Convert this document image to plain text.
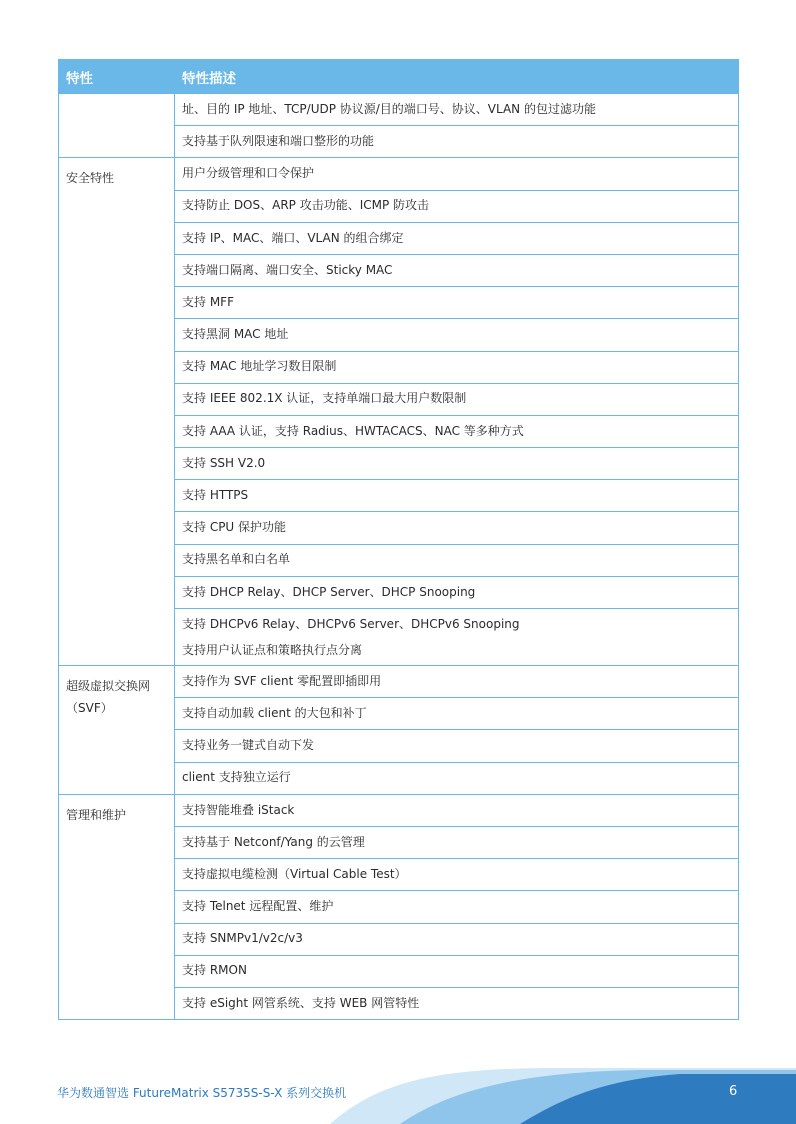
特性	特性描述
	址、目的 IP 地址、TCP/UDP 协议源/目的端口号、协议、VLAN 的包过滤功能
	支持基于队列限速和端口整形的功能
安全特性	用户分级管理和口令保护
	支持防止 DOS、ARP 攻击功能、ICMP 防攻击
	支持 IP、MAC、端口、VLAN 的组合绑定
	支持端口隔离、端口安全、Sticky MAC
	支持 MFF
	支持黑洞 MAC 地址
	支持 MAC 地址学习数目限制
	支持 IEEE 802.1X 认证，支持单端口最大用户数限制
	支持 AAA 认证，支持 Radius、HWTACACS、NAC 等多种方式
	支持 SSH V2.0
	支持 HTTPS
	支持 CPU 保护功能
	支持黑名单和白名单
	支持 DHCP Relay、DHCP Server、DHCP Snooping
	支持 DHCPv6 Relay、DHCPv6 Server、DHCPv6 Snooping
支持用户认证点和策略执行点分离
超级虚拟交换网
（SVF）	支持作为 SVF client 零配置即插即用
	支持自动加载 client 的大包和补丁
	支持业务一键式自动下发
	client 支持独立运行
管理和维护	支持智能堆叠 iStack
	支持基于 Netconf/Yang 的云管理
	支持虚拟电缆检测（Virtual Cable Test）
	支持 Telnet 远程配置、维护
	支持 SNMPv1/v2c/v3
	支持 RMON
	支持 eSight 网管系统、支持 WEB 网管特性
华为数通智选 FutureMatrix S5735S-S-X 系列交换机	6
